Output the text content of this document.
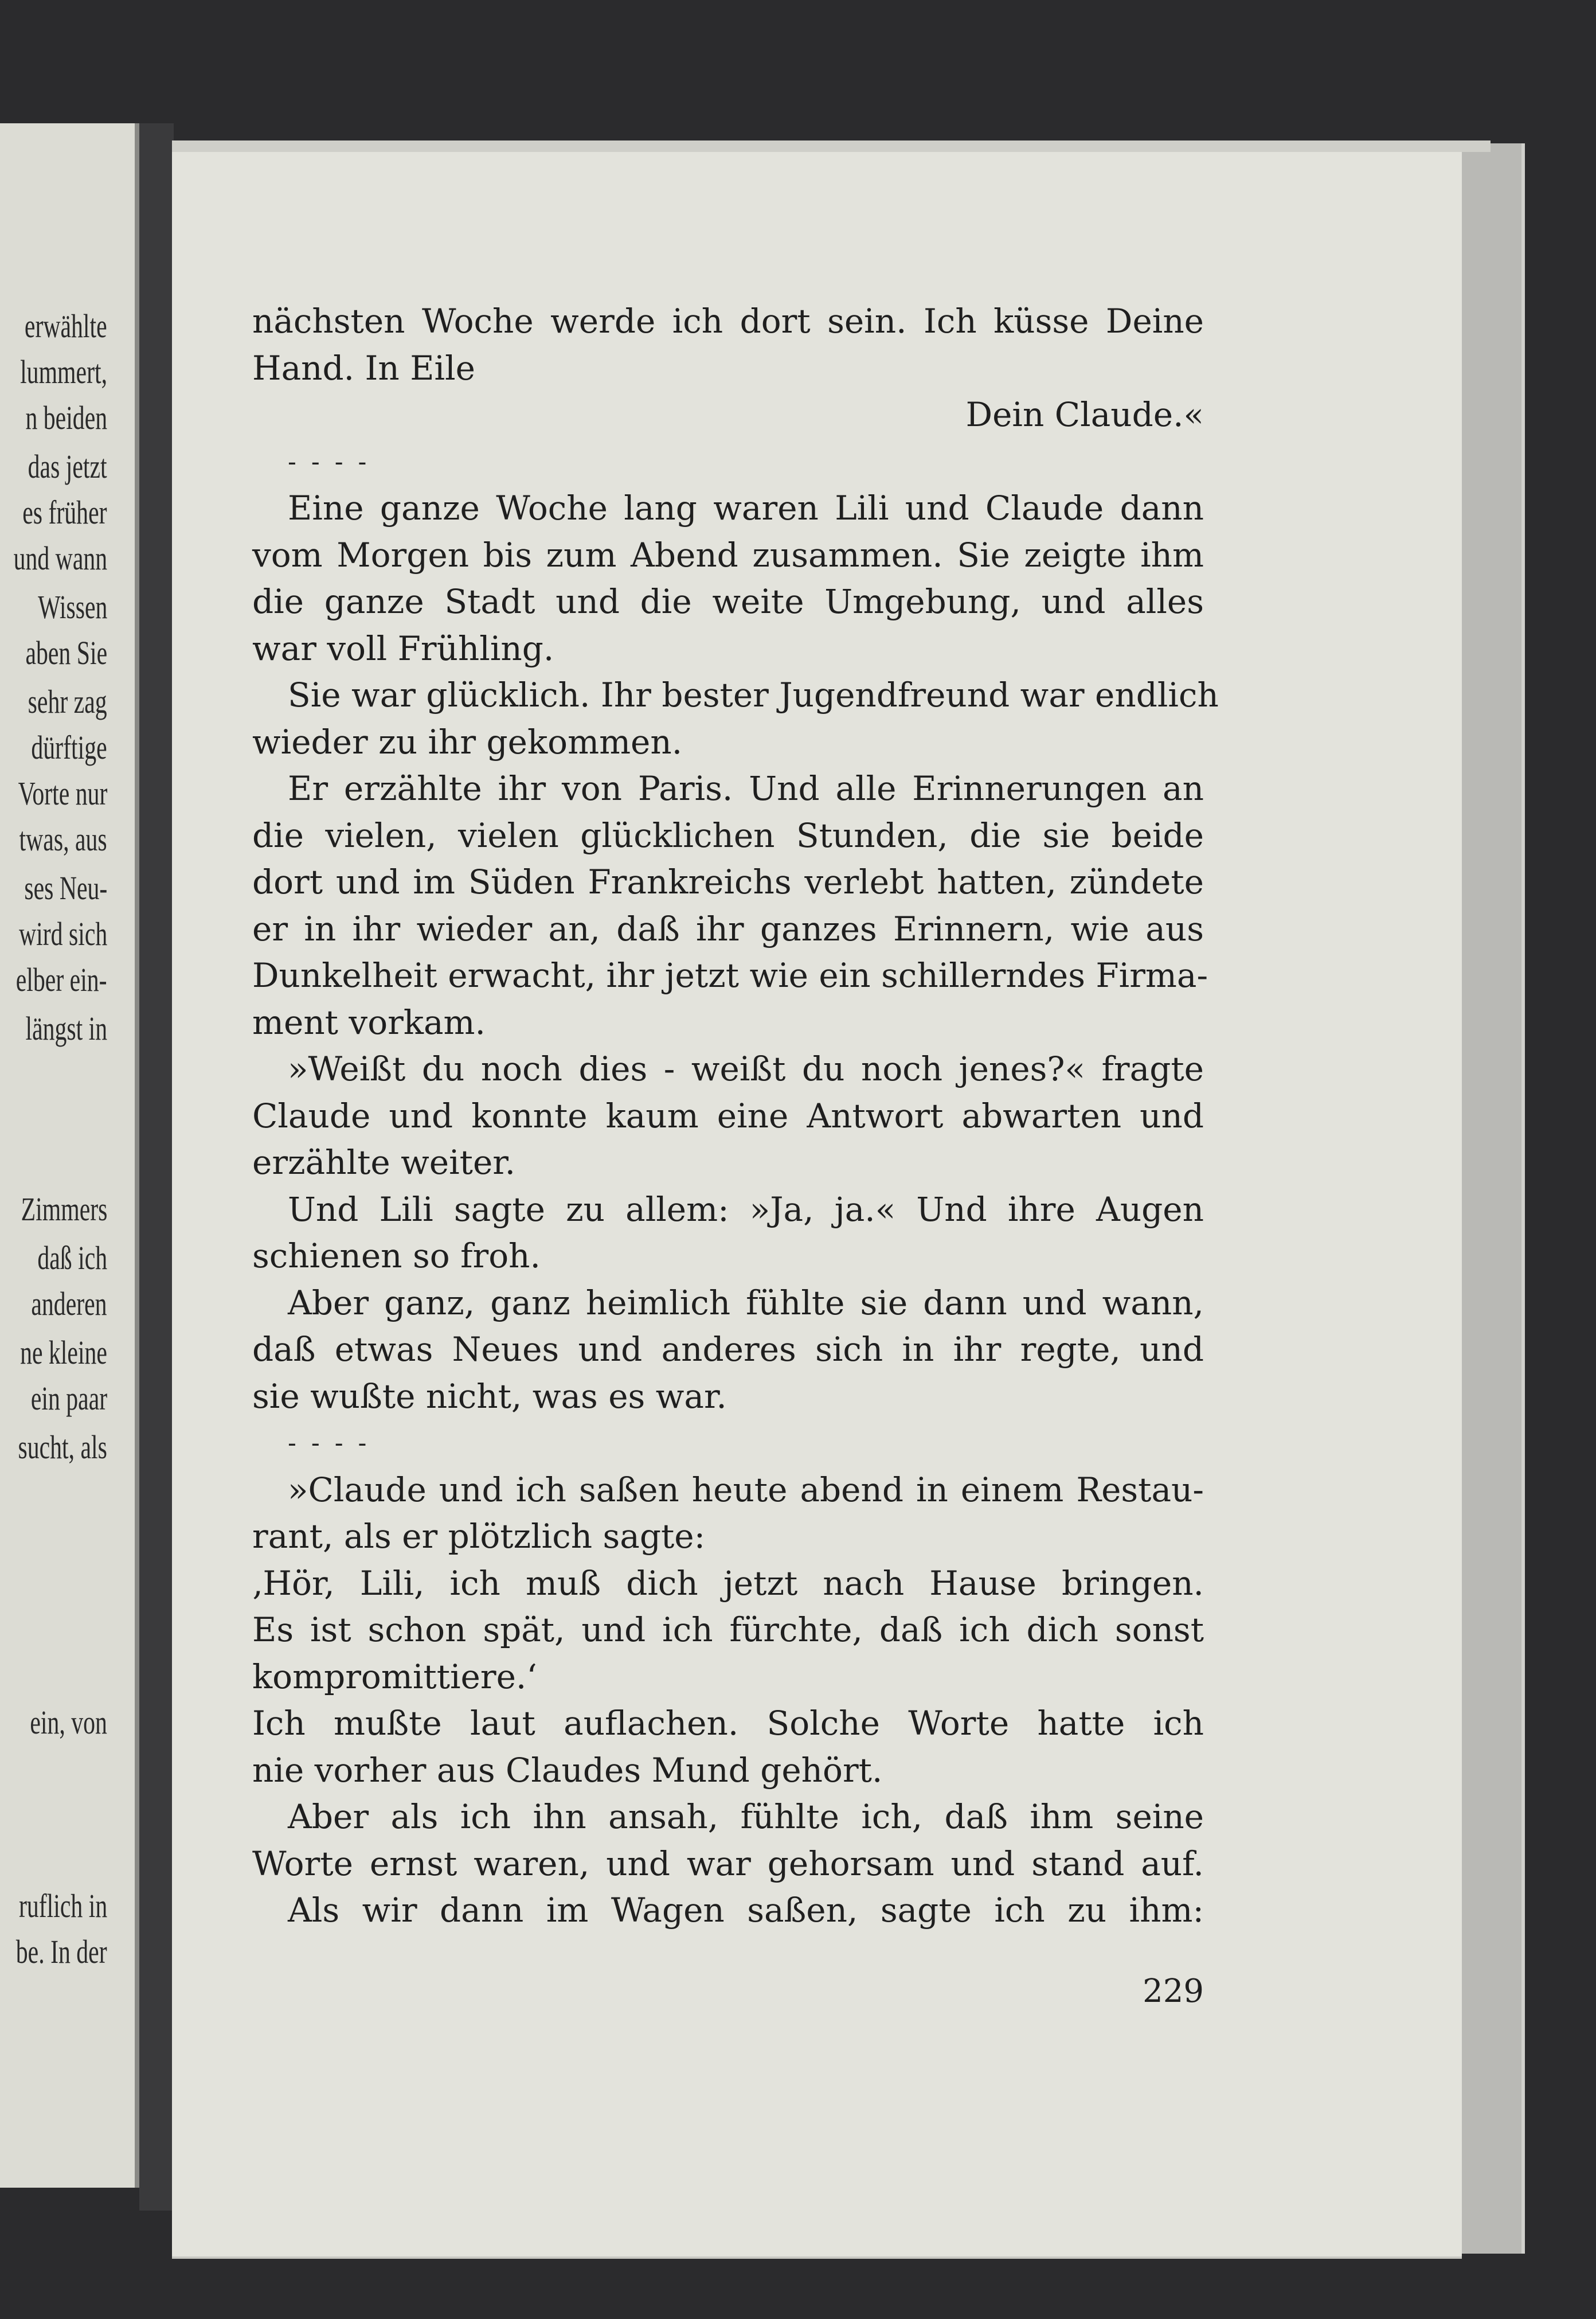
erwählte
lummert,
n beiden
das jetzt
es früher
und wann
Wissen
aben Sie
sehr zag
dürftige
Vorte nur
twas, aus
ses Neu-
wird sich
elber ein-
längst in
Zimmers
daß ich
anderen
ne kleine
ein paar
sucht, als
ein, von
ruflich in
be. In der
nächsten Woche werde ich dort sein. Ich küsse Deine
Hand. In Eile
Dein Claude.«
- - - -
Eine ganze Woche lang waren Lili und Claude dann
vom Morgen bis zum Abend zusammen. Sie zeigte ihm
die ganze Stadt und die weite Umgebung, und alles
war voll Frühling.
Sie war glücklich. Ihr bester Jugendfreund war endlich
wieder zu ihr gekommen.
Er erzählte ihr von Paris. Und alle Erinnerungen an
die vielen, vielen glücklichen Stunden, die sie beide
dort und im Süden Frankreichs verlebt hatten, zündete
er in ihr wieder an, daß ihr ganzes Erinnern, wie aus
Dunkelheit erwacht, ihr jetzt wie ein schillerndes Firma-
ment vorkam.
»Weißt du noch dies - weißt du noch jenes?« fragte
Claude und konnte kaum eine Antwort abwarten und
erzählte weiter.
Und Lili sagte zu allem: »Ja, ja.« Und ihre Augen
schienen so froh.
Aber ganz, ganz heimlich fühlte sie dann und wann,
daß etwas Neues und anderes sich in ihr regte, und
sie wußte nicht, was es war.
- - - -
»Claude und ich saßen heute abend in einem Restau-
rant, als er plötzlich sagte:
‚Hör, Lili, ich muß dich jetzt nach Hause bringen.
Es ist schon spät, und ich fürchte, daß ich dich sonst
kompromittiere.‘
Ich mußte laut auflachen. Solche Worte hatte ich
nie vorher aus Claudes Mund gehört.
Aber als ich ihn ansah, fühlte ich, daß ihm seine
Worte ernst waren, und war gehorsam und stand auf.
Als wir dann im Wagen saßen, sagte ich zu ihm:
229
